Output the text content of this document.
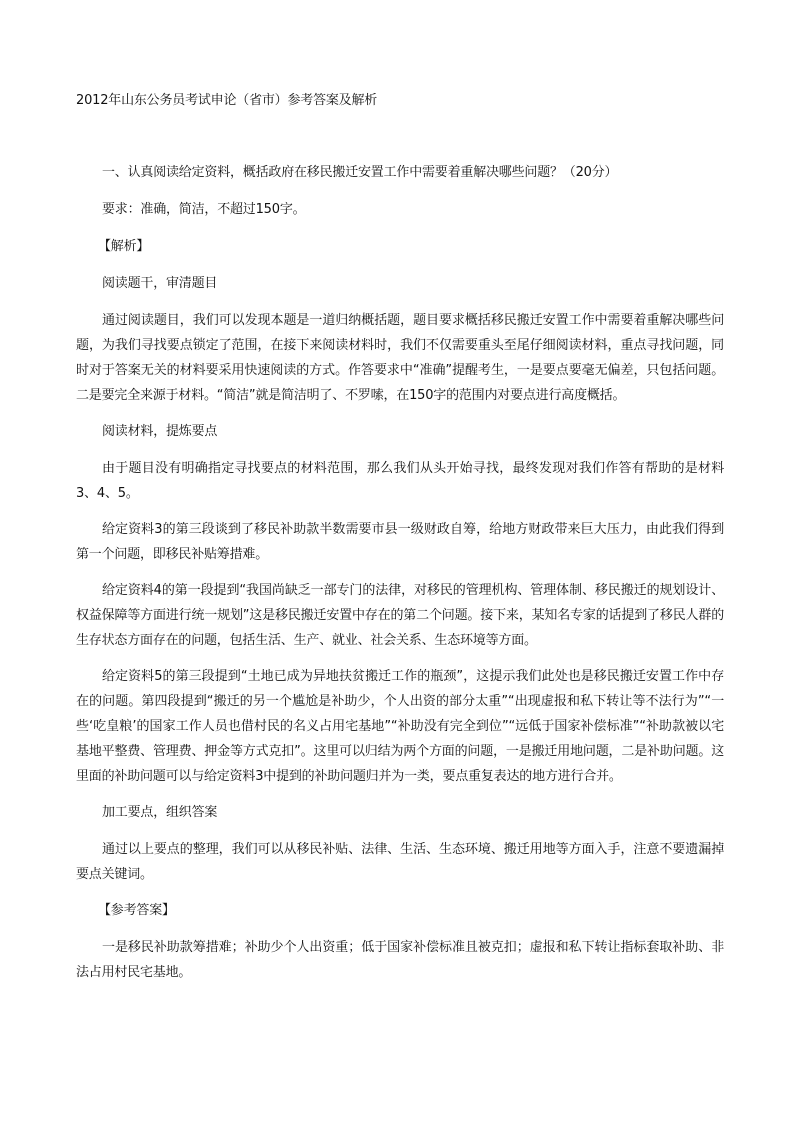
2012年山东公务员考试申论（省市）参考答案及解析

一、认真阅读给定资料，概括政府在移民搬迁安置工作中需要着重解决哪些问题？（20分）

要求：准确，简洁，不超过150字。

【解析】

阅读题干，审清题目

通过阅读题目，我们可以发现本题是一道归纳概括题，题目要求概括移民搬迁安置工作中需要着重解决哪些问题，为我们寻找要点锁定了范围，在接下来阅读材料时，我们不仅需要重头至尾仔细阅读材料，重点寻找问题，同时对于答案无关的材料要采用快速阅读的方式。作答要求中“准确”提醒考生，一是要点要毫无偏差，只包括问题。二是要完全来源于材料。“简洁”就是简洁明了、不罗嗦，在150字的范围内对要点进行高度概括。

阅读材料，提炼要点

由于题目没有明确指定寻找要点的材料范围，那么我们从头开始寻找，最终发现对我们作答有帮助的是材料3、4、5。

给定资料3的第三段谈到了移民补助款半数需要市县一级财政自筹，给地方财政带来巨大压力，由此我们得到第一个问题，即移民补贴筹措难。

给定资料4的第一段提到“我国尚缺乏一部专门的法律，对移民的管理机构、管理体制、移民搬迁的规划设计、权益保障等方面进行统一规划”这是移民搬迁安置中存在的第二个问题。接下来，某知名专家的话提到了移民人群的生存状态方面存在的问题，包括生活、生产、就业、社会关系、生态环境等方面。

给定资料5的第三段提到“土地已成为异地扶贫搬迁工作的瓶颈”，这提示我们此处也是移民搬迁安置工作中存在的问题。第四段提到“搬迁的另一个尴尬是补助少，个人出资的部分太重”“出现虚报和私下转让等不法行为”“一些‘吃皇粮’的国家工作人员也借村民的名义占用宅基地”“补助没有完全到位”“远低于国家补偿标准”“补助款被以宅基地平整费、管理费、押金等方式克扣”。这里可以归结为两个方面的问题，一是搬迁用地问题，二是补助问题。这里面的补助问题可以与给定资料3中提到的补助问题归并为一类，要点重复表达的地方进行合并。

加工要点，组织答案

通过以上要点的整理，我们可以从移民补贴、法律、生活、生态环境、搬迁用地等方面入手，注意不要遗漏掉要点关键词。

【参考答案】

一是移民补助款筹措难；补助少个人出资重；低于国家补偿标准且被克扣；虚报和私下转让指标套取补助、非法占用村民宅基地。
